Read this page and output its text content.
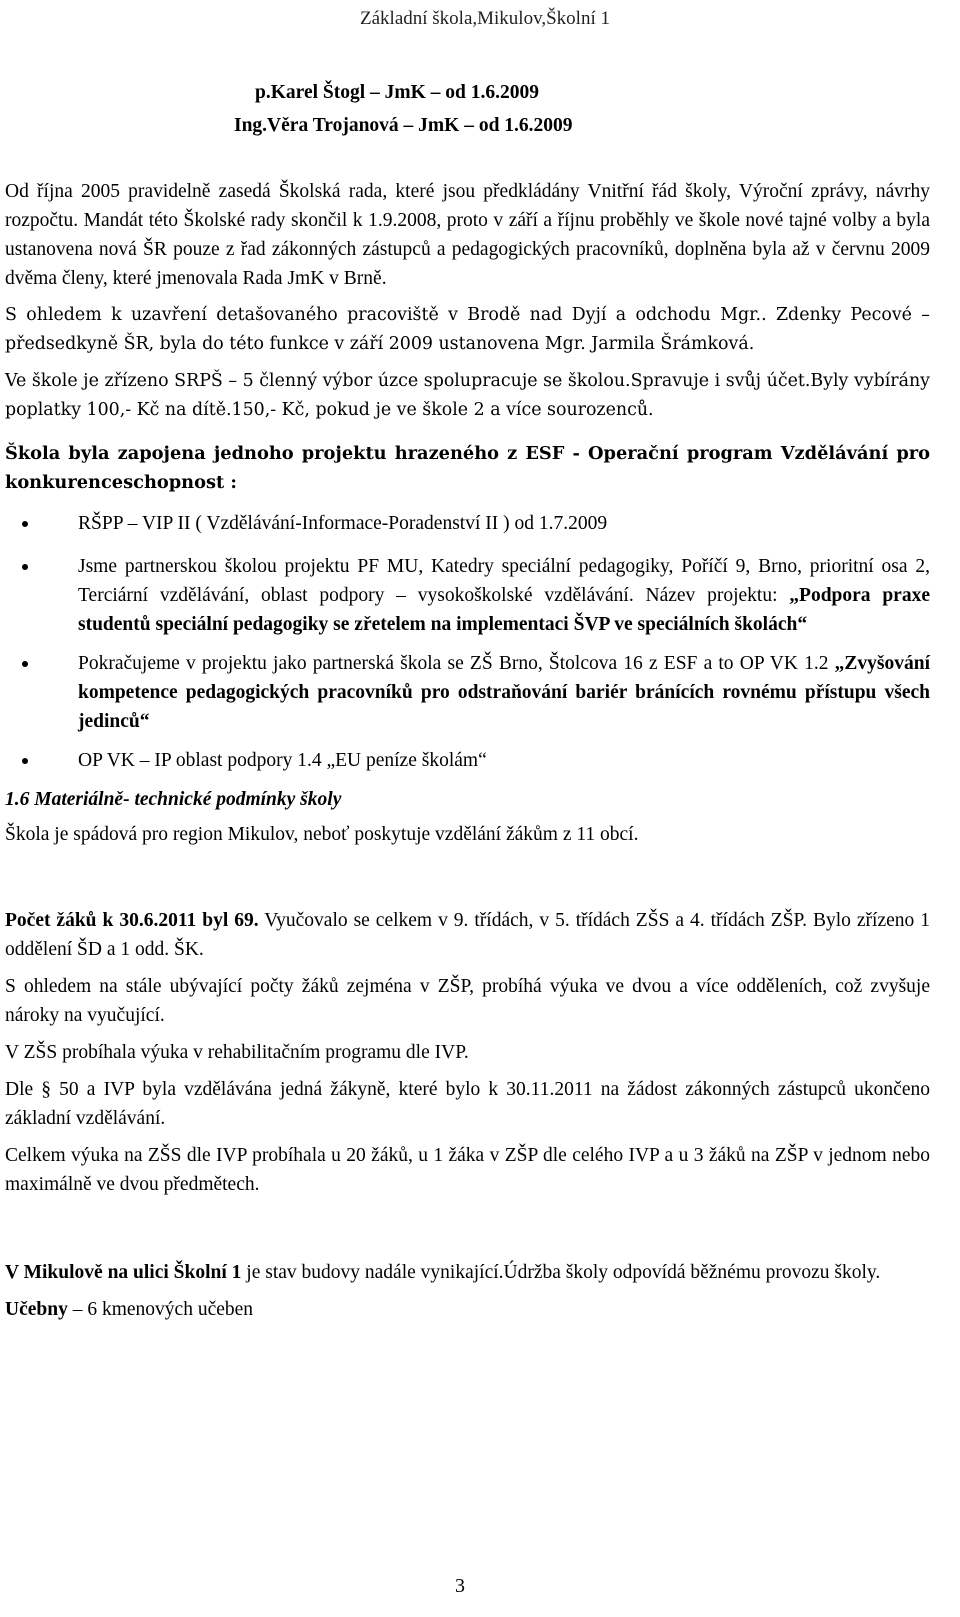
Základní škola,Mikulov,Školní 1
p.Karel Štogl – JmK – od 1.6.2009
Ing.Věra Trojanová – JmK – od 1.6.2009

Od října 2005 pravidelně zasedá Školská rada, které jsou předkládány Vnitřní řád školy, Výroční zprávy, návrhy rozpočtu. Mandát této Školské rady skončil k 1.9.2008, proto v září a říjnu proběhly ve škole nové tajné volby a byla ustanovena nová ŠR pouze z řad zákonných zástupců a pedagogických pracovníků, doplněna byla až v červnu 2009 dvěma členy, které jmenovala Rada JmK v Brně.

S ohledem k uzavření detašovaného pracoviště v Brodě nad Dyjí a odchodu Mgr.. Zdenky Pecové – předsedkyně ŠR, byla do této funkce v září 2009 ustanovena Mgr. Jarmila Šrámková.

Ve škole je zřízeno SRPŠ – 5 členný výbor úzce spolupracuje se školou.Spravuje i svůj účet.Byly vybírány poplatky 100,- Kč na dítě.150,- Kč, pokud je ve škole 2 a více sourozenců.

Škola byla zapojena jednoho projektu hrazeného z ESF - Operační program Vzdělávání pro konkurenceschopnost :

RŠPP – VIP II ( Vzdělávání-Informace-Poradenství II ) od 1.7.2009
Jsme partnerskou školou projektu PF MU, Katedry speciální pedagogiky, Poříčí 9, Brno, prioritní osa 2, Terciární vzdělávání, oblast podpory – vysokoškolské vzdělávání. Název projektu: „Podpora praxe studentů speciální pedagogiky se zřetelem na implementaci ŠVP ve speciálních školách“
Pokračujeme v projektu jako partnerská škola se ZŠ Brno, Štolcova 16 z ESF a to OP VK 1.2 „Zvyšování kompetence pedagogických pracovníků pro odstraňování bariér bránících rovnému přístupu všech jedinců“
OP VK – IP oblast podpory 1.4 „EU peníze školám“
1.6 Materiálně- technické podmínky školy

Škola je spádová pro region Mikulov, neboť poskytuje vzdělání žákům z 11 obcí.

Počet žáků k 30.6.2011 byl 69. Vyučovalo se celkem v 9. třídách, v 5. třídách ZŠS a 4. třídách ZŠP. Bylo zřízeno 1 oddělení ŠD a 1 odd. ŠK.

S ohledem na stále ubývající počty žáků zejména v ZŠP, probíhá výuka ve dvou a více odděleních, což zvyšuje nároky na vyučující.

V ZŠS probíhala výuka v rehabilitačním programu dle IVP.

Dle § 50 a IVP byla vzdělávána jedná žákyně, které bylo k 30.11.2011 na žádost zákonných zástupců ukončeno základní vzdělávání.

Celkem výuka na ZŠS dle IVP probíhala u 20 žáků, u 1 žáka v ZŠP dle celého IVP a u 3 žáků na ZŠP v jednom nebo maximálně ve dvou předmětech.

V Mikulově na ulici Školní 1 je stav budovy nadále vynikající.Údržba školy odpovídá běžnému provozu školy.

Učebny – 6 kmenových učeben

3
